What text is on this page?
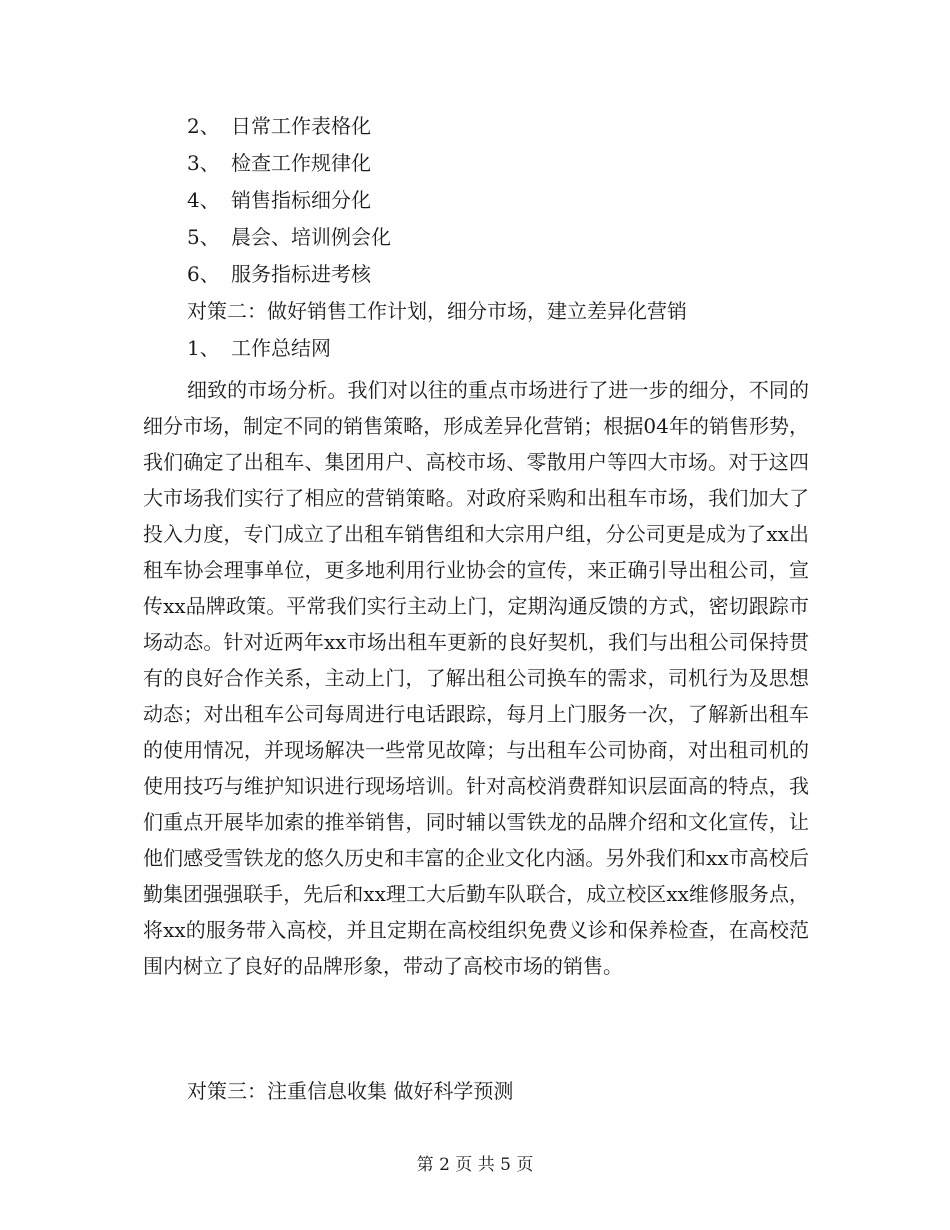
2、 日常工作表格化
3、 检查工作规律化
4、 销售指标细分化
5、 晨会、培训例会化
6、 服务指标进考核
对策二：做好销售工作计划，细分市场，建立差异化营销
1、 工作总结网
细致的市场分析。我们对以往的重点市场进行了进一步的细分，不同的细分市场，制定不同的销售策略，形成差异化营销；根据04年的销售形势，我们确定了出租车、集团用户、高校市场、零散用户等四大市场。对于这四大市场我们实行了相应的营销策略。对政府采购和出租车市场，我们加大了投入力度，专门成立了出租车销售组和大宗用户组，分公司更是成为了xx出租车协会理事单位，更多地利用行业协会的宣传，来正确引导出租公司，宣传xx品牌政策。平常我们实行主动上门，定期沟通反馈的方式，密切跟踪市场动态。针对近两年xx市场出租车更新的良好契机，我们与出租公司保持贯有的良好合作关系，主动上门，了解出租公司换车的需求，司机行为及思想动态；对出租车公司每周进行电话跟踪，每月上门服务一次，了解新出租车的使用情况，并现场解决一些常见故障；与出租车公司协商，对出租司机的使用技巧与维护知识进行现场培训。针对高校消费群知识层面高的特点，我们重点开展毕加索的推举销售，同时辅以雪铁龙的品牌介绍和文化宣传，让他们感受雪铁龙的悠久历史和丰富的企业文化内涵。另外我们和xx市高校后勤集团强强联手，先后和xx理工大后勤车队联合，成立校区xx维修服务点，将xx的服务带入高校，并且定期在高校组织免费义诊和保养检查，在高校范围内树立了良好的品牌形象，带动了高校市场的销售。
对策三：注重信息收集 做好科学预测
第 2 页 共 5 页
